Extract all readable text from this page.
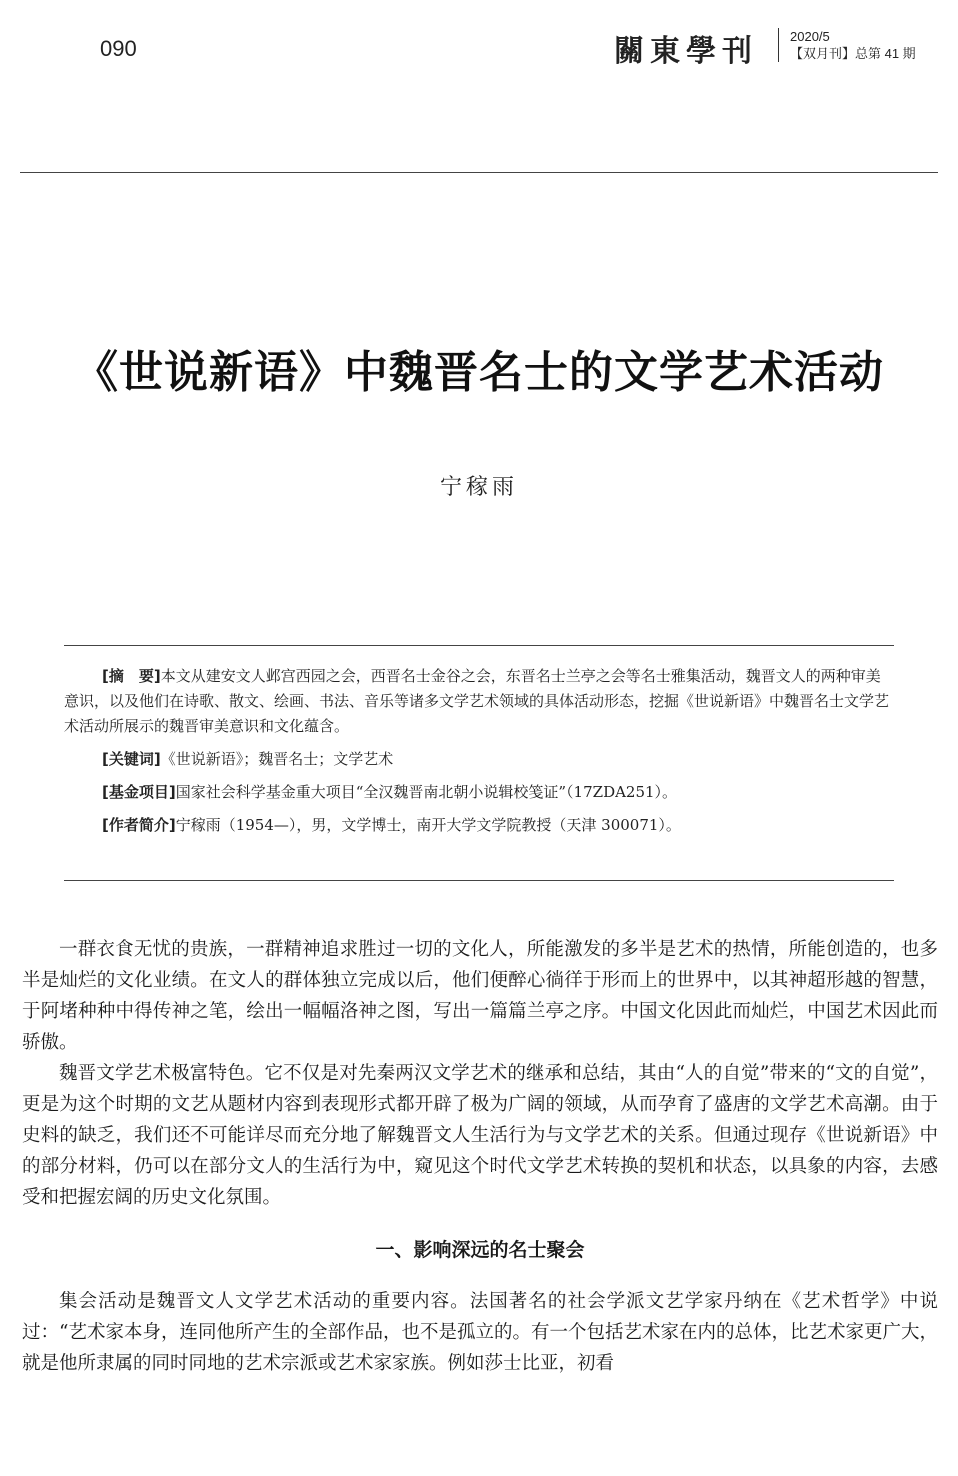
090	關東學刊 2020/5
【双月刊】总第 41 期
《世说新语》中魏晋名士的文学艺术活动
宁稼雨

[摘　要]本文从建安文人邺宫西园之会，西晋名士金谷之会，东晋名士兰亭之会等名士雅集活动，魏晋文人的两种审美意识，以及他们在诗歌、散文、绘画、书法、音乐等诸多文学艺术领域的具体活动形态，挖掘《世说新语》中魏晋名士文学艺术活动所展示的魏晋审美意识和文化蕴含。

[关键词]《世说新语》；魏晋名士；文学艺术

[基金项目]国家社会科学基金重大项目“全汉魏晋南北朝小说辑校笺证”（17ZDA251）。

[作者简介]宁稼雨（1954—），男，文学博士，南开大学文学院教授（天津 300071）。

一群衣食无忧的贵族，一群精神追求胜过一切的文化人，所能激发的多半是艺术的热情，所能创造的，也多半是灿烂的文化业绩。在文人的群体独立完成以后，他们便醉心徜徉于形而上的世界中，以其神超形越的智慧，于阿堵种种中得传神之笔，绘出一幅幅洛神之图，写出一篇篇兰亭之序。中国文化因此而灿烂，中国艺术因此而骄傲。

魏晋文学艺术极富特色。它不仅是对先秦两汉文学艺术的继承和总结，其由“人的自觉”带来的“文的自觉”，更是为这个时期的文艺从题材内容到表现形式都开辟了极为广阔的领域，从而孕育了盛唐的文学艺术高潮。由于史料的缺乏，我们还不可能详尽而充分地了解魏晋文人生活行为与文学艺术的关系。但通过现存《世说新语》中的部分材料，仍可以在部分文人的生活行为中，窥见这个时代文学艺术转换的契机和状态，以具象的内容，去感受和把握宏阔的历史文化氛围。

一、影响深远的名士聚会

集会活动是魏晋文人文学艺术活动的重要内容。法国著名的社会学派文艺学家丹纳在《艺术哲学》中说过：“艺术家本身，连同他所产生的全部作品，也不是孤立的。有一个包括艺术家在内的总体，比艺术家更广大，就是他所隶属的同时同地的艺术宗派或艺术家家族。例如莎士比亚，初看
